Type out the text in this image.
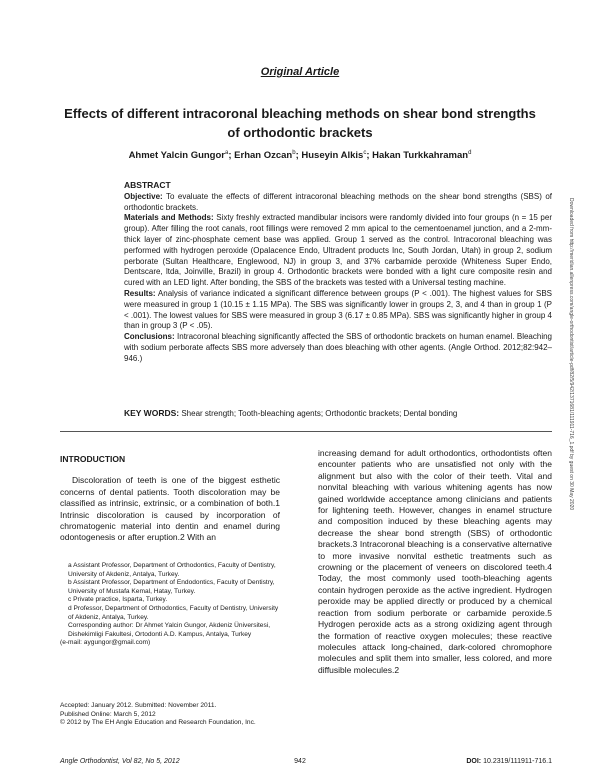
Original Article
Effects of different intracoronal bleaching methods on shear bond strengths of orthodontic brackets
Ahmet Yalcin Gungor$^a$; Erhan Ozcan$^b$; Huseyin Alkis$^c$; Hakan Turkkahraman$^d$
ABSTRACT

Objective: To evaluate the effects of different intracoronal bleaching methods on the shear bond strengths (SBS) of orthodontic brackets.

Materials and Methods: Sixty freshly extracted mandibular incisors were randomly divided into four groups (n = 15 per group). After filling the root canals, root fillings were removed 2 mm apical to the cementoenamel junction, and a 2-mm-thick layer of zinc-phosphate cement base was applied. Group 1 served as the control. Intracoronal bleaching was performed with hydrogen peroxide (Opalacence Endo, Ultradent products Inc, South Jordan, Utah) in group 2, sodium perborate (Sultan Healthcare, Englewood, NJ) in group 3, and 37% carbamide peroxide (Whiteness Super Endo, Dentscare, ltda, Joinville, Brazil) in group 4. Orthodontic brackets were bonded with a light cure composite resin and cured with an LED light. After bonding, the SBS of the brackets was tested with a Universal testing machine.

Results: Analysis of variance indicated a significant difference between groups (P < .001). The highest values for SBS were measured in group 1 (10.15 ± 1.15 MPa). The SBS was significantly lower in groups 2, 3, and 4 than in group 1 (P < .001). The lowest values for SBS were measured in group 3 (6.17 ± 0.85 MPa). SBS was significantly higher in group 4 than in group 3 (P < .05).

Conclusions: Intracoronal bleaching significantly affected the SBS of orthodontic brackets on human enamel. Bleaching with sodium perborate affects SBS more adversely than does bleaching with other agents. (Angle Orthod. 2012;82:942–946.)

KEY WORDS: Shear strength; Tooth-bleaching agents; Orthodontic brackets; Dental bonding
INTRODUCTION

Discoloration of teeth is one of the biggest esthetic concerns of dental patients. Tooth discoloration may be classified as intrinsic, extrinsic, or a combination of both.1 Intrinsic discoloration is caused by incorporation of chromatogenic material into dentin and enamel during odontogenesis or after eruption.2 With an

a Assistant Professor, Department of Orthodontics, Faculty of Dentistry, University of Akdeniz, Antalya, Turkey.

b Assistant Professor, Department of Endodontics, Faculty of Dentistry, University of Mustafa Kemal, Hatay, Turkey.

c Private practice, Isparta, Turkey.

d Professor, Department of Orthodontics, Faculty of Dentistry, University of Akdeniz, Antalya, Turkey.

Corresponding author: Dr Ahmet Yalcin Gungor, Akdeniz Üniversitesi, Dishekimligi Fakultesi, Ortodonti A.D. Kampus, Antalya, Turkey

(e-mail: aygungor@gmail.com)

Accepted: January 2012. Submitted: November 2011.

Published Online: March 5, 2012

© 2012 by The EH Angle Education and Research Foundation, Inc.

increasing demand for adult orthodontics, orthodontists often encounter patients who are unsatisfied not only with the alignment but also with the color of their teeth. Vital and nonvital bleaching with various whitening agents has now gained worldwide acceptance among clinicians and patients for lightening teeth. However, changes in enamel structure and composition induced by these bleaching agents may decrease the shear bond strength (SBS) of orthodontic brackets.3 Intracoronal bleaching is a conservative alternative to more invasive nonvital esthetic treatments such as crowning or the placement of veneers on discolored teeth.4 Today, the most commonly used tooth-bleaching agents contain hydrogen peroxide as the active ingredient. Hydrogen peroxide may be applied directly or produced by a chemical reaction from sodium perborate or carbamide peroxide.5 Hydrogen peroxide acts as a strong oxidizing agent through the formation of reactive oxygen molecules; these reactive molecules attack long-chained, dark-colored chromophore molecules and split them into smaller, less colored, and more diffusible molecules.2

Angle Orthodontist, Vol 82, No 5, 2012	942	DOI: 10.2319/111911-716.1
Downloaded from http://meridian.allenpress.com/angle-orthodontist/article-pdf/82/5/942/1371681/111911-716_1.pdf by guest on 30 May 2020
